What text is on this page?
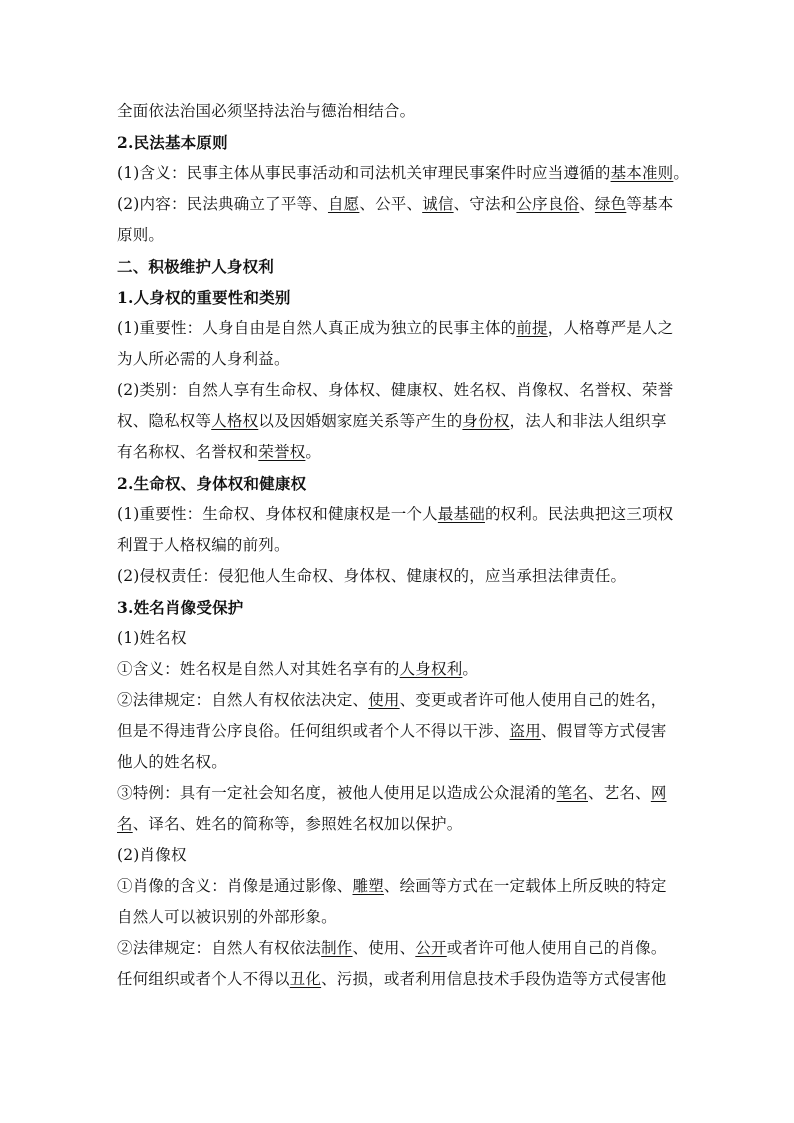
全面依法治国必须坚持法治与德治相结合。
2.民法基本原则
(1)含义：民事主体从事民事活动和司法机关审理民事案件时应当遵循的基本准则。
(2)内容：民法典确立了平等、自愿、公平、诚信、守法和公序良俗、绿色等基本
原则。
二、积极维护人身权利
1.人身权的重要性和类别
(1)重要性：人身自由是自然人真正成为独立的民事主体的前提，人格尊严是人之
为人所必需的人身利益。
(2)类别：自然人享有生命权、身体权、健康权、姓名权、肖像权、名誉权、荣誉
权、隐私权等人格权以及因婚姻家庭关系等产生的身份权，法人和非法人组织享
有名称权、名誉权和荣誉权。
2.生命权、身体权和健康权
(1)重要性：生命权、身体权和健康权是一个人最基础的权利。民法典把这三项权
利置于人格权编的前列。
(2)侵权责任：侵犯他人生命权、身体权、健康权的，应当承担法律责任。
3.姓名肖像受保护
(1)姓名权
①含义：姓名权是自然人对其姓名享有的人身权利。
②法律规定：自然人有权依法决定、使用、变更或者许可他人使用自己的姓名，
但是不得违背公序良俗。任何组织或者个人不得以干涉、盗用、假冒等方式侵害
他人的姓名权。
③特例：具有一定社会知名度，被他人使用足以造成公众混淆的笔名、艺名、网
名、译名、姓名的简称等，参照姓名权加以保护。
(2)肖像权
①肖像的含义：肖像是通过影像、雕塑、绘画等方式在一定载体上所反映的特定
自然人可以被识别的外部形象。
②法律规定：自然人有权依法制作、使用、公开或者许可他人使用自己的肖像。
任何组织或者个人不得以丑化、污损，或者利用信息技术手段伪造等方式侵害他
